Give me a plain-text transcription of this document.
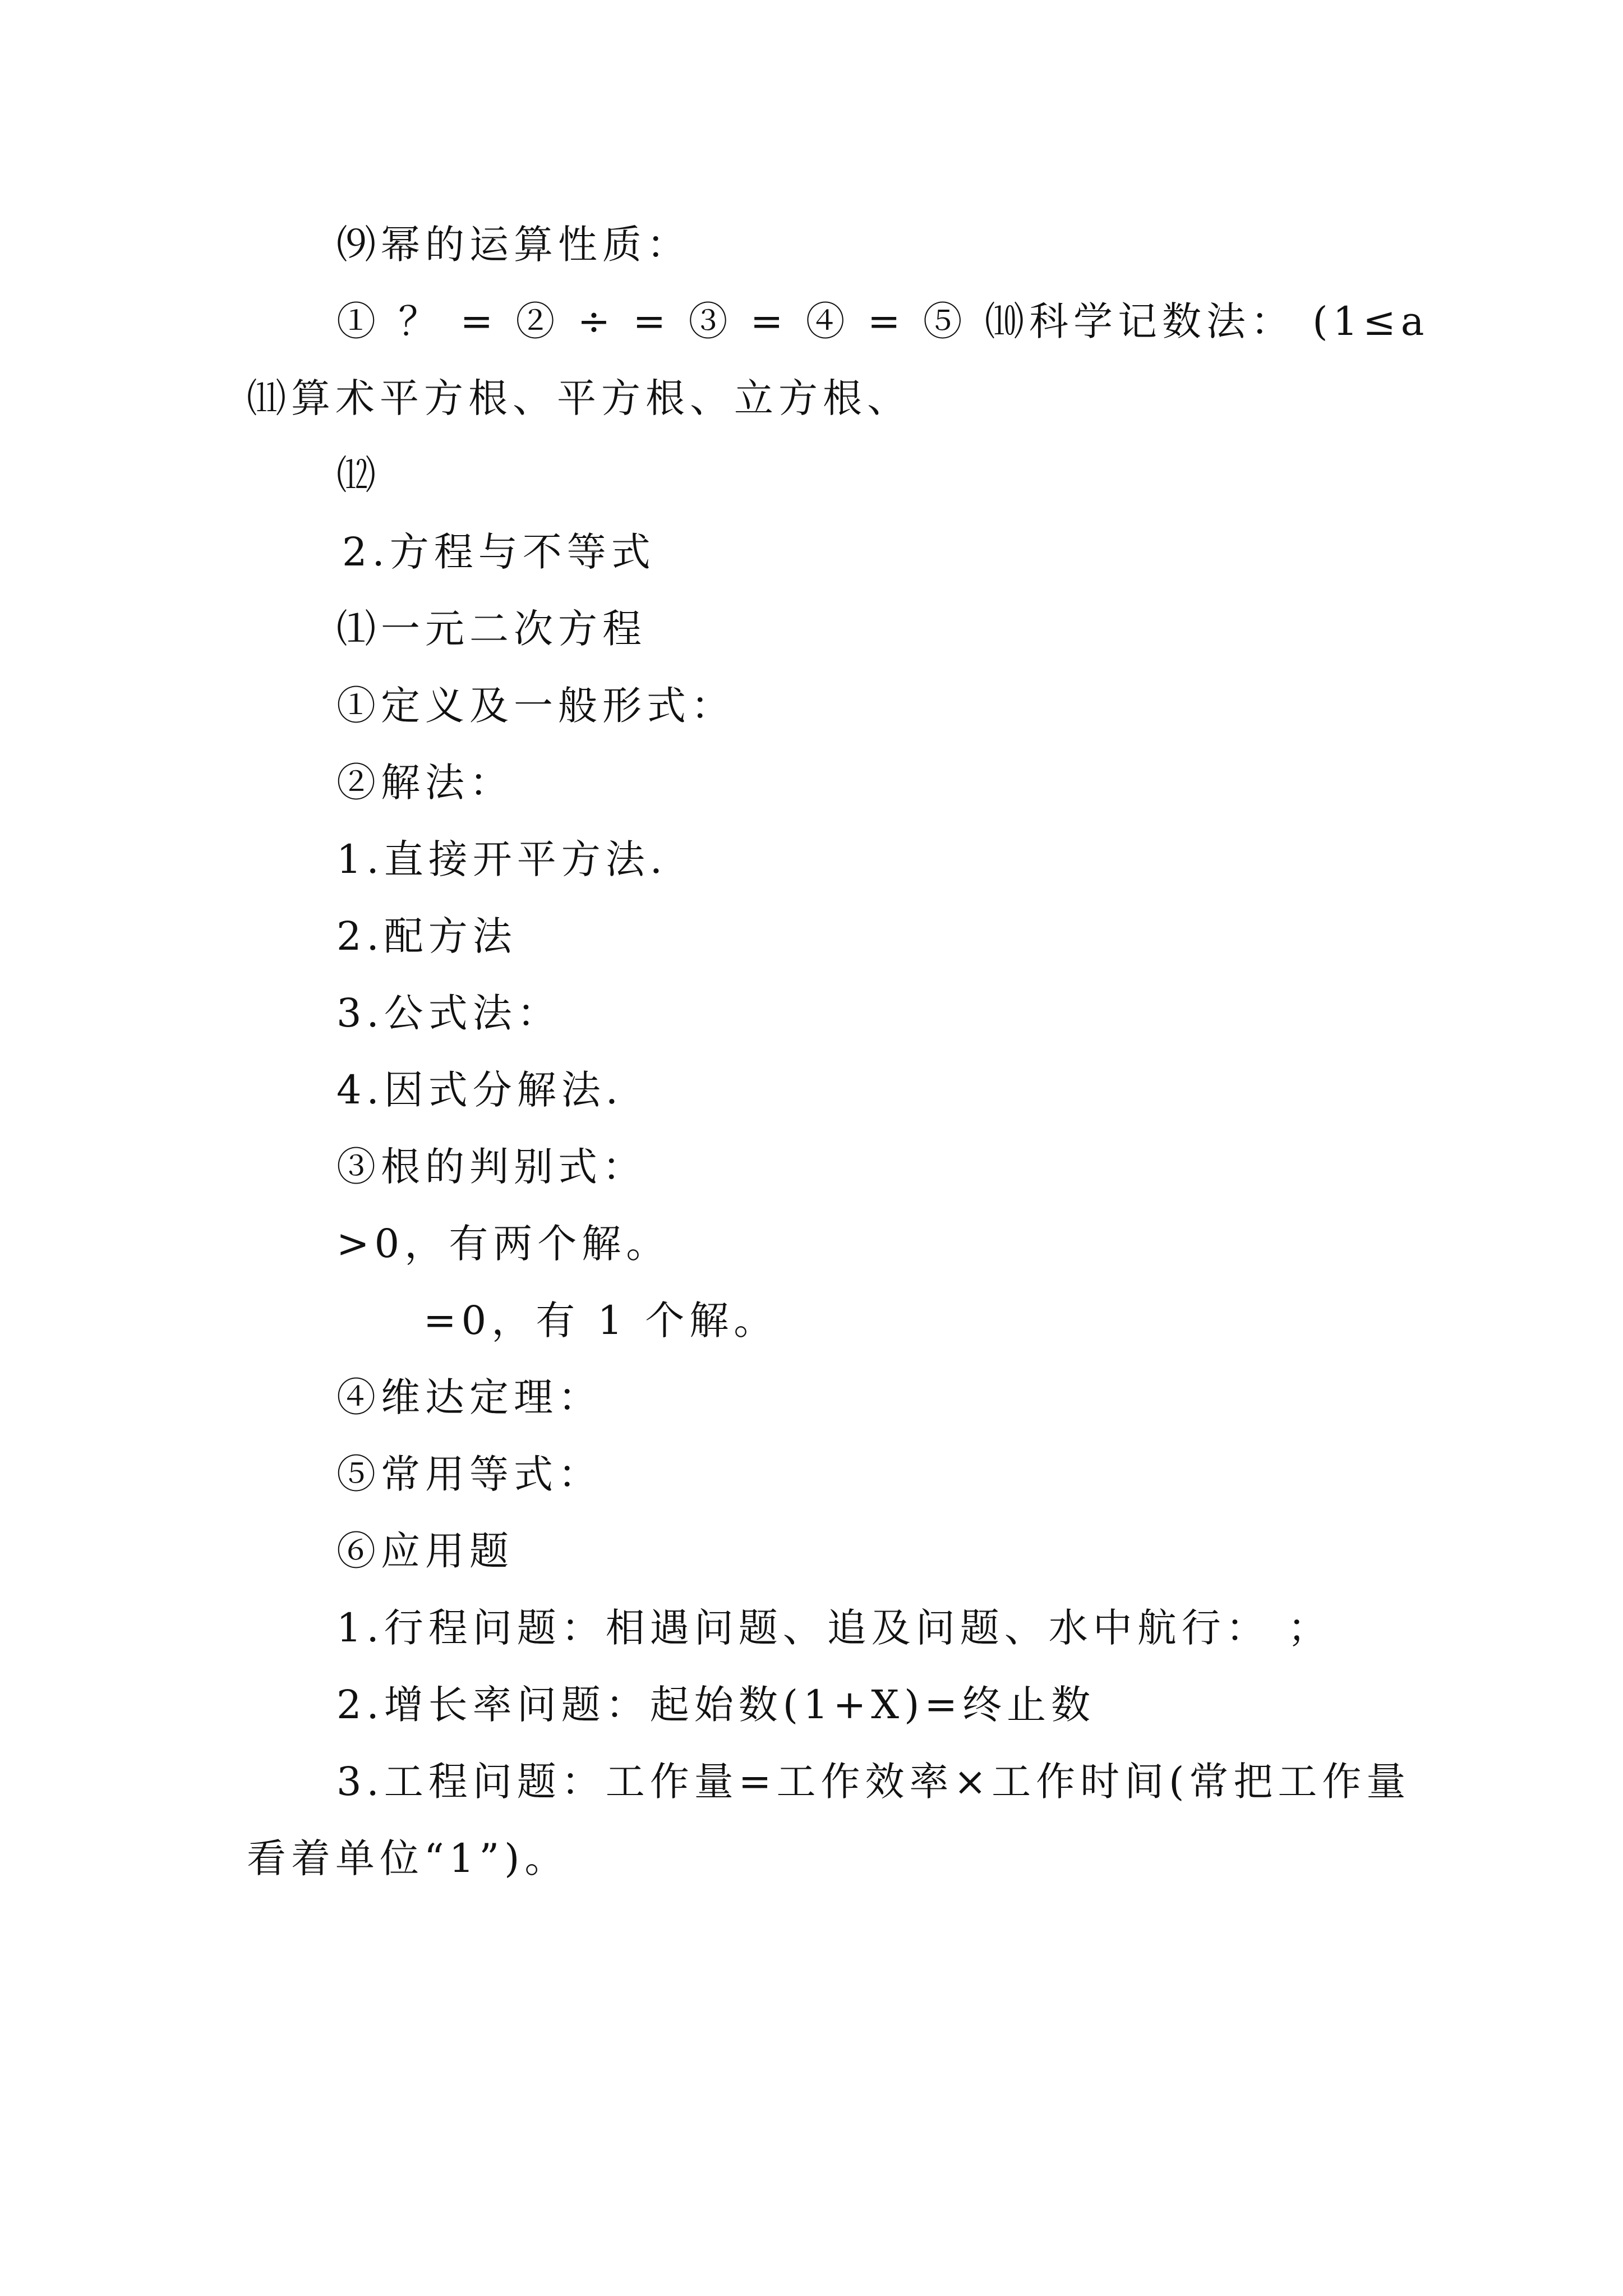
⑼幂的运算性质：
① ？ = ② ÷ = ③ = ④ = ⑤ ⑽科学记数法： (1≤a
⑾算术平方根、平方根、立方根、
⑿
2.方程与不等式
⑴一元二次方程
①定义及一般形式：
②解法：
1.直接开平方法.
2.配方法
3.公式法：
4.因式分解法.
③根的判别式：
>0，有两个解。
=0，有 1 个解。
④维达定理：
⑤常用等式：
⑥应用题
1.行程问题：相遇问题、追及问题、水中航行： ；
2.增长率问题：起始数(1+X)=终止数
3.工程问题：工作量=工作效率×工作时间(常把工作量
看着单位“1”)。
